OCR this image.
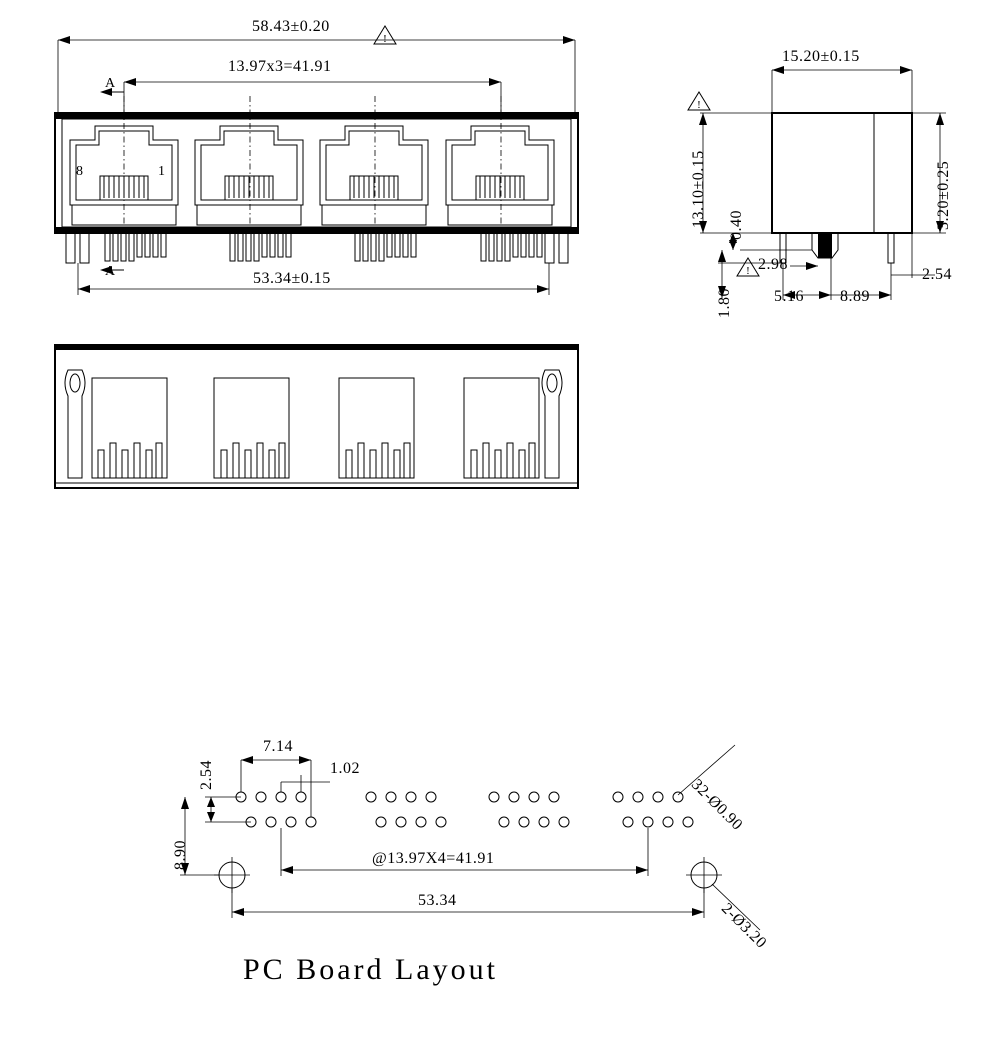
!
!
!
58.43±0.20
13.97x3=41.91
53.34±0.15
8	1
A
A
15.20±0.15
13.10±0.15 0.40	3.20±0.25
1.80
2.98
5.16 8.89
2.54
2.54
7.14
1.02
8.90
32-Ø0.90
2-Ø3.20
@13.97X4=41.91
53.34
PC Board Layout
